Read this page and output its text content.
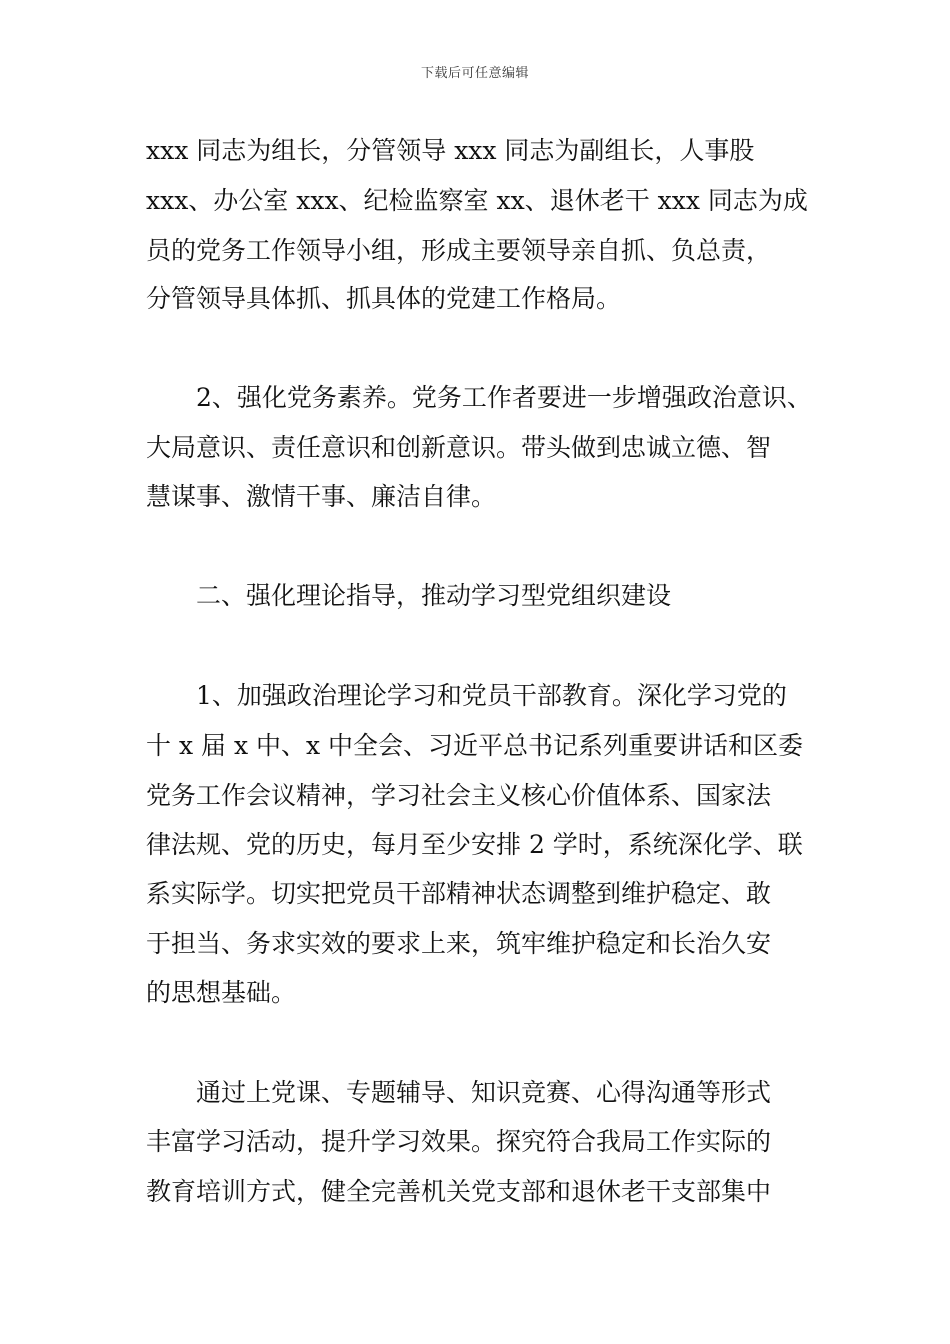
下载后可任意编辑
xxx 同志为组长，分管领导 xxx 同志为副组长，人事股
xxx、办公室 xxx、纪检监察室 xx、退休老干 xxx 同志为成
员的党务工作领导小组，形成主要领导亲自抓、负总责，
分管领导具体抓、抓具体的党建工作格局。
2、强化党务素养。党务工作者要进一步增强政治意识、
大局意识、责任意识和创新意识。带头做到忠诚立德、智
慧谋事、激情干事、廉洁自律。
二、强化理论指导，推动学习型党组织建设
1、加强政治理论学习和党员干部教育。深化学习党的
十 x 届 x 中、x 中全会、习近平总书记系列重要讲话和区委
党务工作会议精神，学习社会主义核心价值体系、国家法
律法规、党的历史，每月至少安排 2 学时，系统深化学、联
系实际学。切实把党员干部精神状态调整到维护稳定、敢
于担当、务求实效的要求上来，筑牢维护稳定和长治久安
的思想基础。
通过上党课、专题辅导、知识竞赛、心得沟通等形式
丰富学习活动，提升学习效果。探究符合我局工作实际的
教育培训方式，健全完善机关党支部和退休老干支部集中
